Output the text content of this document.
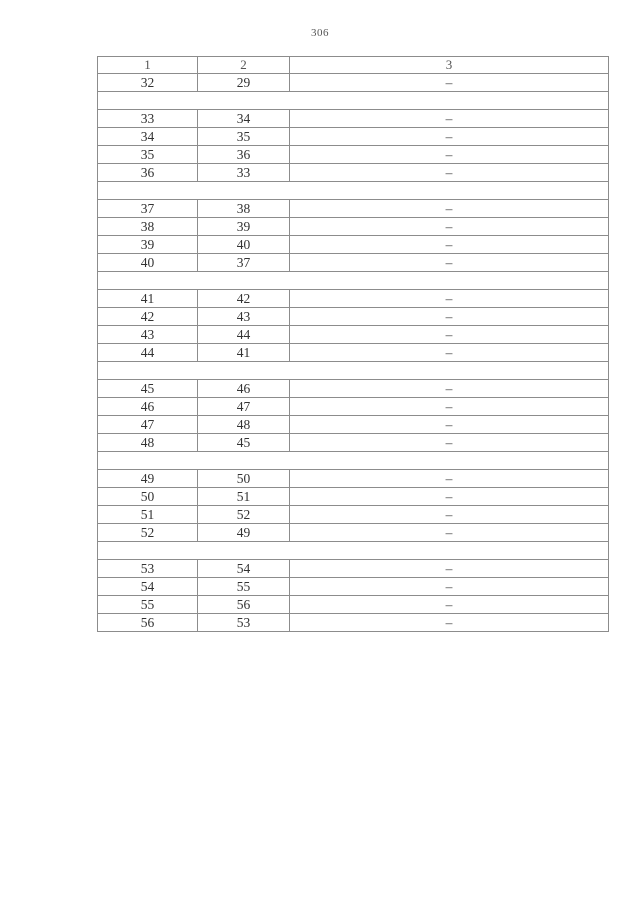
306
1	2	3
32	29	–

33	34	–
34	35	–
35	36	–
36	33	–

37	38	–
38	39	–
39	40	–
40	37	–

41	42	–
42	43	–
43	44	–
44	41	–

45	46	–
46	47	–
47	48	–
48	45	–

49	50	–
50	51	–
51	52	–
52	49	–

53	54	–
54	55	–
55	56	–
56	53	–
